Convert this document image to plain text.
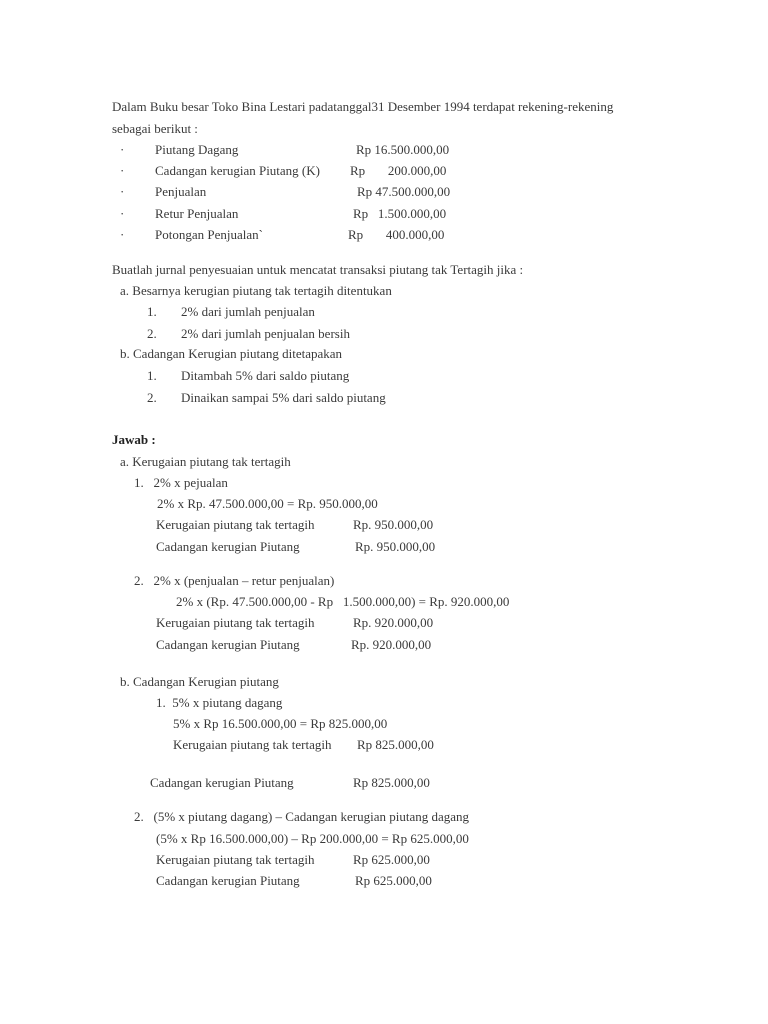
Dalam Buku besar Toko Bina Lestari padatanggal31 Desember 1994 terdapat rekening-rekening
sebagai berikut :
· Piutang Dagang	Rp 16.500.000,00
· Cadangan kerugian Piutang (K) Rp       200.000,00
· Penjualan	Rp 47.500.000,00
· Retur Penjualan	Rp   1.500.000,00
· Potongan Penjualan`	Rp       400.000,00
Buatlah jurnal penyesuaian untuk mencatat transaksi piutang tak Tertagih jika :
a. Besarnya kerugian piutang tak tertagih ditentukan
1. 2% dari jumlah penjualan
2. 2% dari jumlah penjualan bersih
b. Cadangan Kerugian piutang ditetapakan
1. Ditambah 5% dari saldo piutang
2. Dinaikan sampai 5% dari saldo piutang
Jawab :
a. Kerugaian piutang tak tertagih
1.   2% x pejualan
2% x Rp. 47.500.000,00 = Rp. 950.000,00
Kerugaian piutang tak tertagih	Rp. 950.000,00
Cadangan kerugian Piutang	Rp. 950.000,00
2.   2% x (penjualan – retur penjualan)
2% x (Rp. 47.500.000,00 - Rp   1.500.000,00) = Rp. 920.000,00
Kerugaian piutang tak tertagih	Rp. 920.000,00
Cadangan kerugian Piutang	Rp. 920.000,00
b. Cadangan Kerugian piutang
1.  5% x piutang dagang
5% x Rp 16.500.000,00 = Rp 825.000,00
Kerugaian piutang tak tertagih Rp 825.000,00
Cadangan kerugian Piutang	Rp 825.000,00
2.   (5% x piutang dagang) – Cadangan kerugian piutang dagang
(5% x Rp 16.500.000,00) – Rp 200.000,00 = Rp 625.000,00
Kerugaian piutang tak tertagih	Rp 625.000,00
Cadangan kerugian Piutang	Rp 625.000,00
